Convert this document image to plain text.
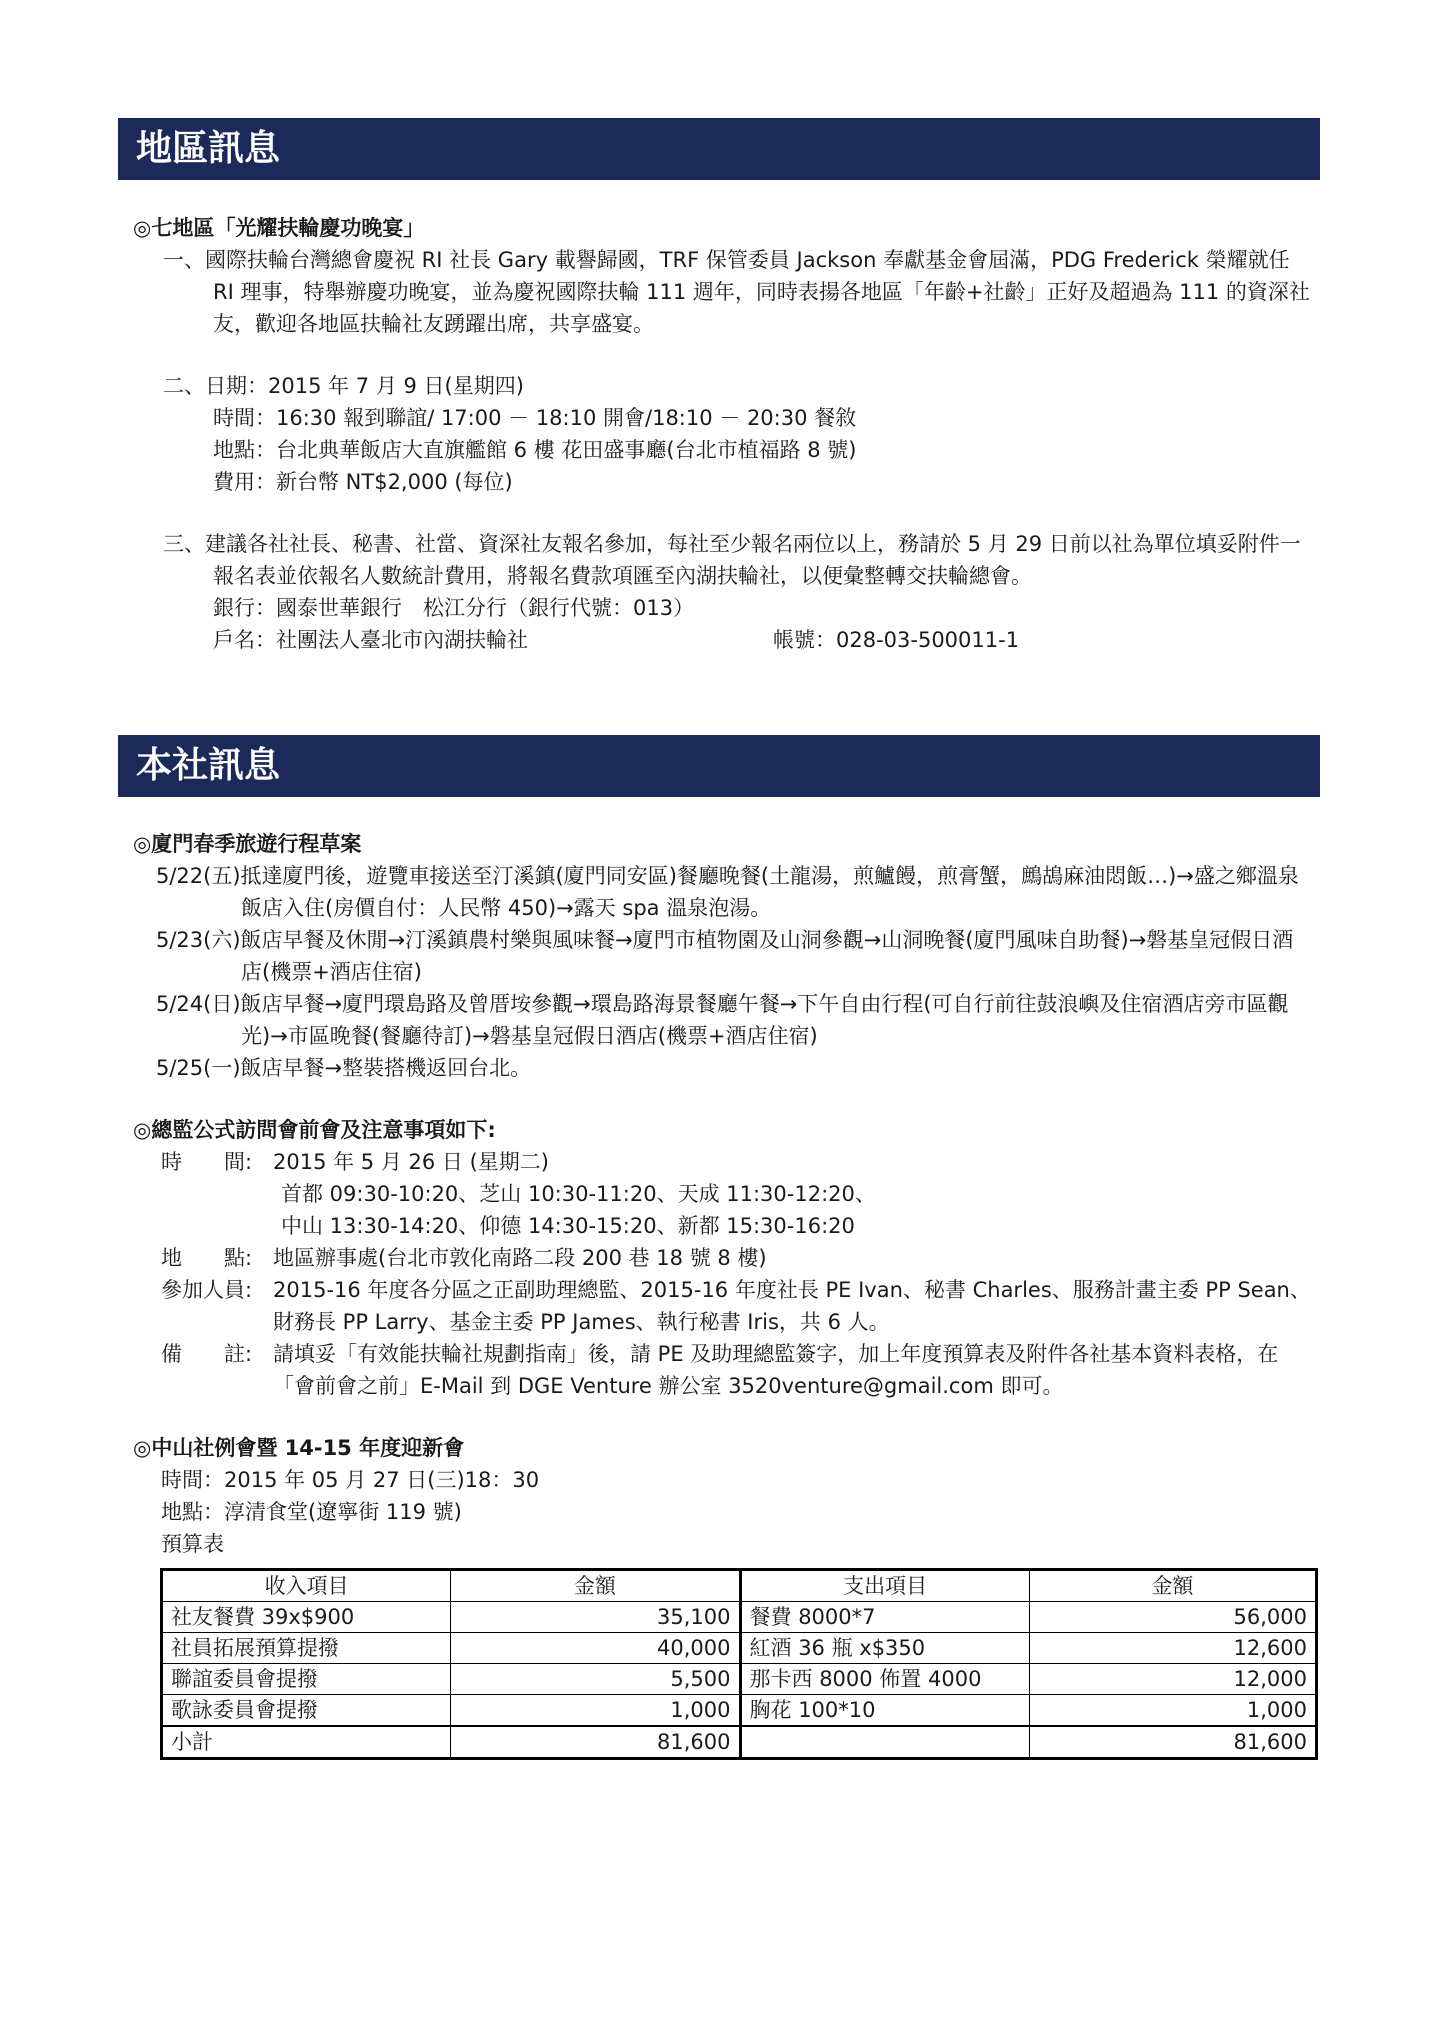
地區訊息

◎七地區「光耀扶輪慶功晚宴」

一、國際扶輪台灣總會慶祝 RI 社長 Gary 載譽歸國，TRF 保管委員 Jackson 奉獻基金會屆滿，PDG Frederick 榮耀就任 RI 理事，特舉辦慶功晚宴，並為慶祝國際扶輪 111 週年，同時表揚各地區「年齡+社齡」正好及超過為 111 的資深社友，歡迎各地區扶輪社友踴躍出席，共享盛宴。

二、日期：2015 年 7 月 9 日(星期四)

時間：16:30 報到聯誼/ 17:00 － 18:10 開會/18:10 － 20:30 餐敘

地點：台北典華飯店大直旗艦館 6 樓 花田盛事廳(台北市植福路 8 號)

費用：新台幣 NT$2,000 (每位)

三、建議各社社長、秘書、社當、資深社友報名參加，每社至少報名兩位以上，務請於 5 月 29 日前以社為單位填妥附件一報名表並依報名人數統計費用，將報名費款項匯至內湖扶輪社，以便彙整轉交扶輪總會。

銀行：國泰世華銀行　松江分行（銀行代號：013）

戶名：社團法人臺北市內湖扶輪社	帳號：028-03-500011-1

本社訊息

◎廈門春季旅遊行程草案

5/22(五)抵達廈門後，遊覽車接送至汀溪鎮(廈門同安區)餐廳晚餐(土龍湯，煎鱸饅，煎膏蟹，鷓鴣麻油悶飯…)→盛之鄉溫泉飯店入住(房價自付：人民幣 450)→露天 spa 溫泉泡湯。

5/23(六)飯店早餐及休閒→汀溪鎮農村樂與風味餐→廈門市植物園及山洞參觀→山洞晚餐(廈門風味自助餐)→磐基皇冠假日酒店(機票+酒店住宿)

5/24(日)飯店早餐→廈門環島路及曾厝垵參觀→環島路海景餐廳午餐→下午自由行程(可自行前往鼓浪嶼及住宿酒店旁市區觀光)→市區晚餐(餐廳待訂)→磐基皇冠假日酒店(機票+酒店住宿)

5/25(一)飯店早餐→整裝搭機返回台北。

◎總監公式訪問會前會及注意事項如下:

時　　間: 2015 年 5 月 26 日 (星期二)
首都 09:30-10:20、芝山 10:30-11:20、天成 11:30-12:20、
中山 13:30-14:20、仰德 14:30-15:20、新都 15:30-16:20
地　　點: 地區辦事處(台北市敦化南路二段 200 巷 18 號 8 樓)
參加人員: 2015-16 年度各分區之正副助理總監、2015-16 年度社長 PE Ivan、秘書 Charles、服務計畫主委 PP Sean、財務長 PP Larry、基金主委 PP James、執行秘書 Iris，共 6 人。
備　　註: 請填妥「有效能扶輪社規劃指南」後，請 PE 及助理總監簽字，加上年度預算表及附件各社基本資料表格，在「會前會之前」E-Mail 到 DGE Venture 辦公室 3520venture@gmail.com 即可。

◎中山社例會暨 14-15 年度迎新會

時間：2015 年 05 月 27 日(三)18：30

地點：淳清食堂(遼寧街 119 號)

預算表

收入項目	金額	支出項目	金額
社友餐費 39x$900	35,100	餐費 8000*7	56,000
社員拓展預算提撥	40,000	紅酒 36 瓶 x$350	12,600
聯誼委員會提撥	5,500	那卡西 8000 佈置 4000	12,000
歌詠委員會提撥	1,000	胸花 100*10	1,000
小計	81,600		81,600
